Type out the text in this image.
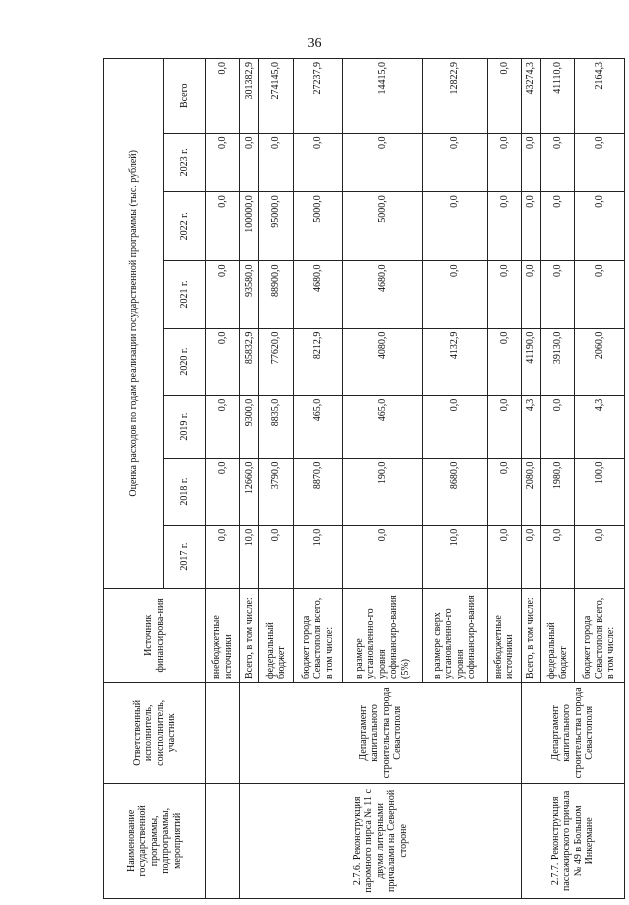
36
Наименование государственной программы, подпрограммы, мероприятий	Ответственный исполнитель, соисполнитель, участник	Источник финансирова-ния	Оценка расходов по годам реализации государственной программы (тыс. рублей)							
			2017 г.	2018 г.	2019 г.	2020 г.	2021 г.	2022 г.	2023 г.	Всего
		внебюджетные источники	0,0	0,0	0,0	0,0	0,0	0,0	0,0	0,0
2.7.6. Реконструкция паромного пирса № 11 с двумя литерными причалами на Северной стороне	Департамент капитального строительства города Севастополя	Всего, в том числе:	10,0	12660,0	9300,0	85832,9	93580,0	100000,0	0,0	301382,9
		федеральный бюджет	0,0	3790,0	8835,0	77620,0	88900,0	95000,0	0,0	274145,0
		бюджет города Севастополя всего, в том числе:	10,0	8870,0	465,0	8212,9	4680,0	5000,0	0,0	27237,9
		в размере установленно-го уровня софинансиро-вания (5%)	0,0	190,0	465,0	4080,0	4680,0	5000,0	0,0	14415,0
		в размере сверх установленно-го уровня софинансиро-вания	10,0	8680,0	0,0	4132,9	0,0	0,0	0,0	12822,9
		внебюджетные источники	0,0	0,0	0,0	0,0	0,0	0,0	0,0	0,0
2.7.7. Реконструкция пассажирского причала № 49 в Большом Инкермане	Департамент капитального строительства города Севастополя	Всего, в том числе:	0,0	2080,0	4,3	41190,0	0,0	0,0	0,0	43274,3
		федеральный бюджет	0,0	1980,0	0,0	39130,0	0,0	0,0	0,0	41110,0
		бюджет города Севастополя всего, в том числе:	0,0	100,0	4,3	2060,0	0,0	0,0	0,0	2164,3
